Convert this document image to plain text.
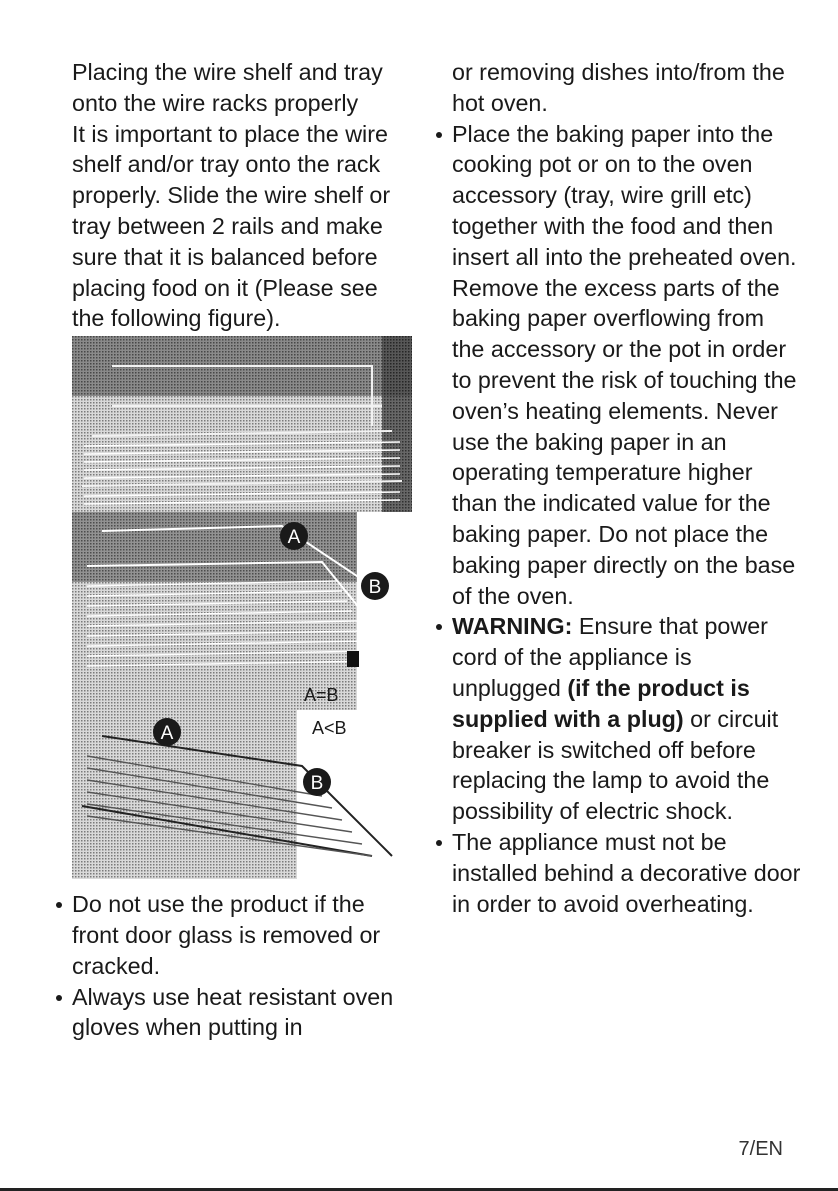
Placing the wire shelf and tray onto the wire racks properly

It is important to place the wire shelf and/or tray onto the rack properly. Slide the wire shelf or tray between 2 rails and make sure that it is balanced before placing food on it (Please see the following figure).

A
B
A=B
A	A<B
B

Do not use the product if the front door glass is removed or cracked.

Always use heat resistant oven gloves when putting in

or removing dishes into/from the hot oven.

Place the baking paper into the cooking pot or on to the oven accessory (tray, wire grill etc) together with the food and then insert all into the preheated oven. Remove the excess parts of the baking paper overflowing from the accessory or the pot in order to prevent the risk of touching the oven’s heating elements. Never use the baking paper in an operating temperature higher than the indicated value for the baking paper. Do not place the baking paper directly on the base of the oven.

WARNING: Ensure that power cord of the appliance is unplugged (if the product is supplied with a plug) or circuit breaker is switched off before replacing the lamp to avoid the possibility of electric shock.

The appliance must not be installed behind a decorative door in order to avoid overheating.

7/EN
